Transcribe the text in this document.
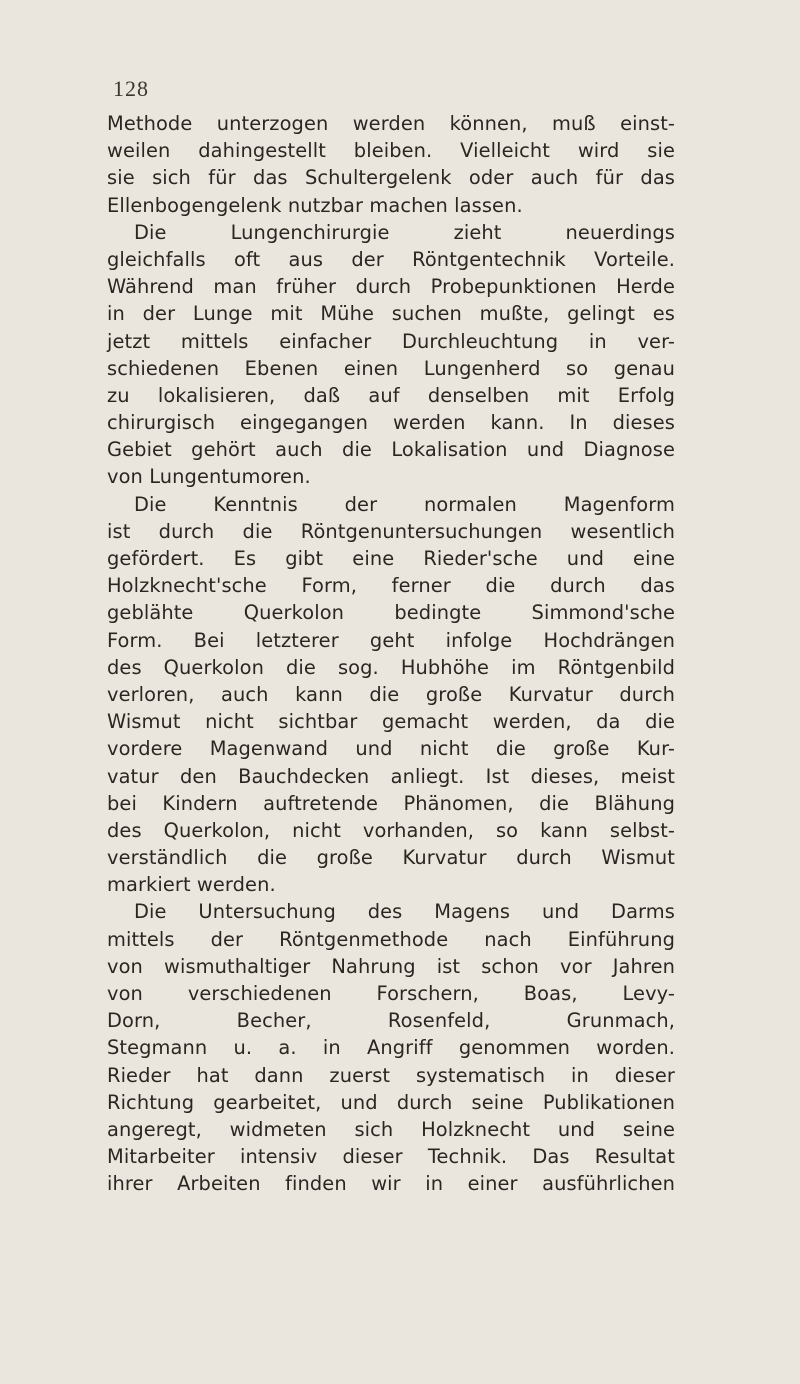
128
Methode unterzogen werden können, muß einst-
weilen dahingestellt bleiben. Vielleicht wird sie
sie sich für das Schultergelenk oder auch für das
Ellenbogengelenk nutzbar machen lassen.
Die Lungenchirurgie zieht neuerdings
gleichfalls oft aus der Röntgentechnik Vorteile.
Während man früher durch Probepunktionen Herde
in der Lunge mit Mühe suchen mußte, gelingt es
jetzt mittels einfacher Durchleuchtung in ver-
schiedenen Ebenen einen Lungenherd so genau
zu lokalisieren, daß auf denselben mit Erfolg
chirurgisch eingegangen werden kann. In dieses
Gebiet gehört auch die Lokalisation und Diagnose
von Lungentumoren.
Die Kenntnis der normalen Magenform
ist durch die Röntgenuntersuchungen wesentlich
gefördert. Es gibt eine Rieder'sche und eine
Holzknecht'sche Form, ferner die durch das
geblähte Querkolon bedingte Simmond'sche
Form. Bei letzterer geht infolge Hochdrängen
des Querkolon die sog. Hubhöhe im Röntgenbild
verloren, auch kann die große Kurvatur durch
Wismut nicht sichtbar gemacht werden, da die
vordere Magenwand und nicht die große Kur-
vatur den Bauchdecken anliegt. Ist dieses, meist
bei Kindern auftretende Phänomen, die Blähung
des Querkolon, nicht vorhanden, so kann selbst-
verständlich die große Kurvatur durch Wismut
markiert werden.
Die Untersuchung des Magens und Darms
mittels der Röntgenmethode nach Einführung
von wismuthaltiger Nahrung ist schon vor Jahren
von verschiedenen Forschern, Boas, Levy-
Dorn, Becher, Rosenfeld, Grunmach,
Stegmann u. a. in Angriff genommen worden.
Rieder hat dann zuerst systematisch in dieser
Richtung gearbeitet, und durch seine Publikationen
angeregt, widmeten sich Holzknecht und seine
Mitarbeiter intensiv dieser Technik. Das Resultat
ihrer Arbeiten finden wir in einer ausführlichen
